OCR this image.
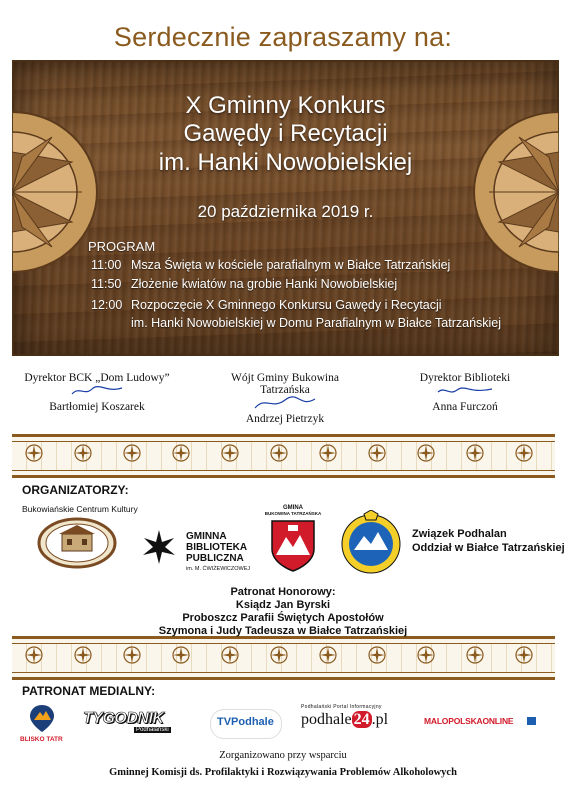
Serdecznie zapraszamy na:
X Gminny Konkurs
Gawędy i Recytacji
im. Hanki Nowobielskiej
20 października 2019 r.
PROGRAM
11:00 Msza Święta w kościele parafialnym w Białce Tatrzańskiej
11:50 Złożenie kwiatów na grobie Hanki Nowobielskiej
12:00 Rozpoczęcie X Gminnego Konkursu Gawędy i Recytacji
im. Hanki Nowobielskiej w Domu Parafialnym w Białce Tatrzańskiej
Dyrektor BCK „Dom Ludowy”
Bartłomiej Koszarek
Wójt Gminy Bukowina Tatrzańska
Andrzej Pietrzyk
Dyrektor Biblioteki
Anna Furczoń
ORGANIZATORZY:
Bukowiańskie Centrum Kultury
GMINNA
BIBLIOTEKA
PUBLICZNA
im. M. ĆWIŻEWICZOWEJ
GMINA
BUKOWINA TATRZAŃSKA
Związek Podhalan
Oddział w Białce Tatrzańskiej
Patronat Honorowy:
Ksiądz Jan Byrski
Proboszcz Parafii Świętych Apostołów
Szymona i Judy Tadeusza w Białce Tatrzańskiej
PATRONAT MEDIALNY:
BLISKO TATR
TYGODNIK
Podhalański
TVPodhale
Podhalański Portal Informacyjny
podhale 24 .pl	MALOPOLSKAONLINE
Zorganizowano przy wsparciu
Gminnej Komisji ds. Profilaktyki i Rozwiązywania Problemów Alkoholowych
